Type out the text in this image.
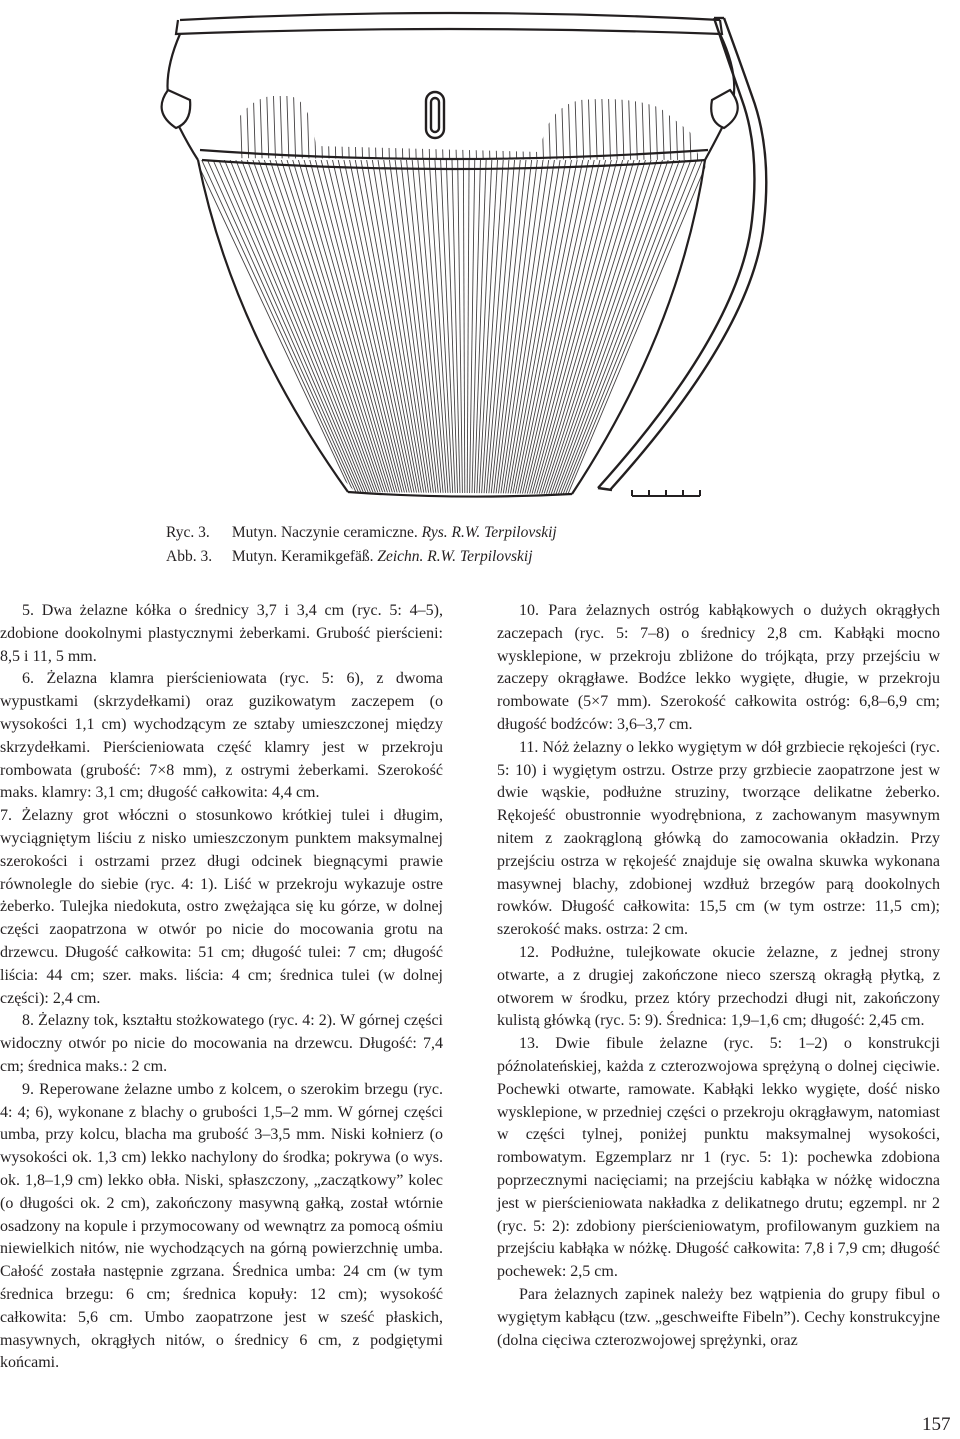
Ryc. 3. Mutyn. Naczynie ceramiczne. Rys. R.W. Terpilovskij
Abb. 3. Mutyn. Keramikgefäß. Zeichn. R.W. Terpilovskij

5. Dwa żelazne kółka o średnicy 3,7 i 3,4 cm (ryc. 5: 4–5), zdobione dookolnymi plastycznymi żeberkami. Grubość pierścieni: 8,5 i 11, 5 mm.

6. Żelazna klamra pierścieniowata (ryc. 5: 6), z dwoma wypustkami (skrzydełkami) oraz guzikowatym zaczepem (o wysokości 1,1 cm) wychodzącym ze sztaby umieszczonej między skrzydełkami. Pierścieniowata część klamry jest w przekroju rombowata (grubość: 7×8 mm), z ostrymi żeberkami. Szerokość maks. klamry: 3,1 cm; długość całkowita: 4,4 cm.

7. Żelazny grot włóczni o stosunkowo krótkiej tulei i długim, wyciągniętym liściu z nisko umieszczonym punktem maksymalnej szerokości i ostrzami przez długi odcinek biegnącymi prawie równolegle do siebie (ryc. 4: 1). Liść w przekroju wykazuje ostre żeberko. Tulejka niedokuta, ostro zwężająca się ku górze, w dolnej części zaopatrzona w otwór po nicie do mocowania grotu na drzewcu. Długość całkowita: 51 cm; długość tulei: 7 cm; długość liścia: 44 cm; szer. maks. liścia: 4 cm; średnica tulei (w dolnej części): 2,4 cm.

8. Żelazny tok, kształtu stożkowatego (ryc. 4: 2). W górnej części widoczny otwór po nicie do mocowania na drzewcu. Długość: 7,4 cm; średnica maks.: 2 cm.

9. Reperowane żelazne umbo z kolcem, o szerokim brzegu (ryc. 4: 4; 6), wykonane z blachy o grubości 1,5–2 mm. W górnej części umba, przy kolcu, blacha ma grubość 3–3,5 mm. Niski kołnierz (o wysokości ok. 1,3 cm) lekko nachylony do środka; pokrywa (o wys. ok. 1,8–1,9 cm) lekko obła. Niski, spłaszczony, „zaczątkowy” kolec (o długości ok. 2 cm), zakończony masywną gałką, został wtórnie osadzony na kopule i przymocowany od wewnątrz za pomocą ośmiu niewielkich nitów, nie wychodzących na górną powierzchnię umba. Całość została następnie zgrzana. Średnica umba: 24 cm (w tym średnica brzegu: 6 cm; średnica kopuły: 12 cm); wysokość całkowita: 5,6 cm. Umbo zaopatrzone jest w sześć płaskich, masywnych, okrągłych nitów, o średnicy 6 cm, z podgiętymi końcami.

10. Para żelaznych ostróg kabłąkowych o dużych okrągłych zaczepach (ryc. 5: 7–8) o średnicy 2,8 cm. Kabłąki mocno wysklepione, w przekroju zbliżone do trójkąta, przy przejściu w zaczepy okrągławe. Bodźce lekko wygięte, długie, w przekroju rombowate (5×7 mm). Szerokość całkowita ostróg: 6,8–6,9 cm; długość bodźców: 3,6–3,7 cm.

11. Nóż żelazny o lekko wygiętym w dół grzbiecie rękojeści (ryc. 5: 10) i wygiętym ostrzu. Ostrze przy grzbiecie zaopatrzone jest w dwie wąskie, podłużne struziny, tworzące delikatne żeberko. Rękojeść obustronnie wyodrębniona, z zachowanym masywnym nitem z zaokrągloną główką do zamocowania okładzin. Przy przejściu ostrza w rękojeść znajduje się owalna skuwka wykonana masywnej blachy, zdobionej wzdłuż brzegów parą dookolnych rowków. Długość całkowita: 15,5 cm (w tym ostrze: 11,5 cm); szerokość maks. ostrza: 2 cm.

12. Podłużne, tulejkowate okucie żelazne, z jednej strony otwarte, a z drugiej zakończone nieco szerszą okragłą płytką, z otworem w środku, przez który przechodzi długi nit, zakończony kulistą główką (ryc. 5: 9). Średnica: 1,9–1,6 cm; długość: 2,45 cm.

13. Dwie fibule żelazne (ryc. 5: 1–2) o konstrukcji późnolateńskiej, każda z czterozwojowa sprężyną o dolnej cięciwie. Pochewki otwarte, ramowate. Kabłąki lekko wygięte, dość nisko wysklepione, w przedniej części o przekroju okrągławym, natomiast w części tylnej, poniżej punktu maksymalnej wysokości, rombowatym. Egzemplarz nr 1 (ryc. 5: 1): pochewka zdobiona poprzecznymi nacięciami; na przejściu kabłąka w nóżkę widoczna jest w pierścieniowata nakładka z delikatnego drutu; egzempl. nr 2 (ryc. 5: 2): zdobiony pierścieniowatym, profilowanym guzkiem na przejściu kabłąka w nóżkę. Długość całkowita: 7,8 i 7,9 cm; długość pochewek: 2,5 cm.

Para żelaznych zapinek należy bez wątpienia do grupy fibul o wygiętym kabłącu (tzw. „geschweifte Fibeln”). Cechy konstrukcyjne (dolna cięciwa czterozwojowej sprężynki, oraz

157
